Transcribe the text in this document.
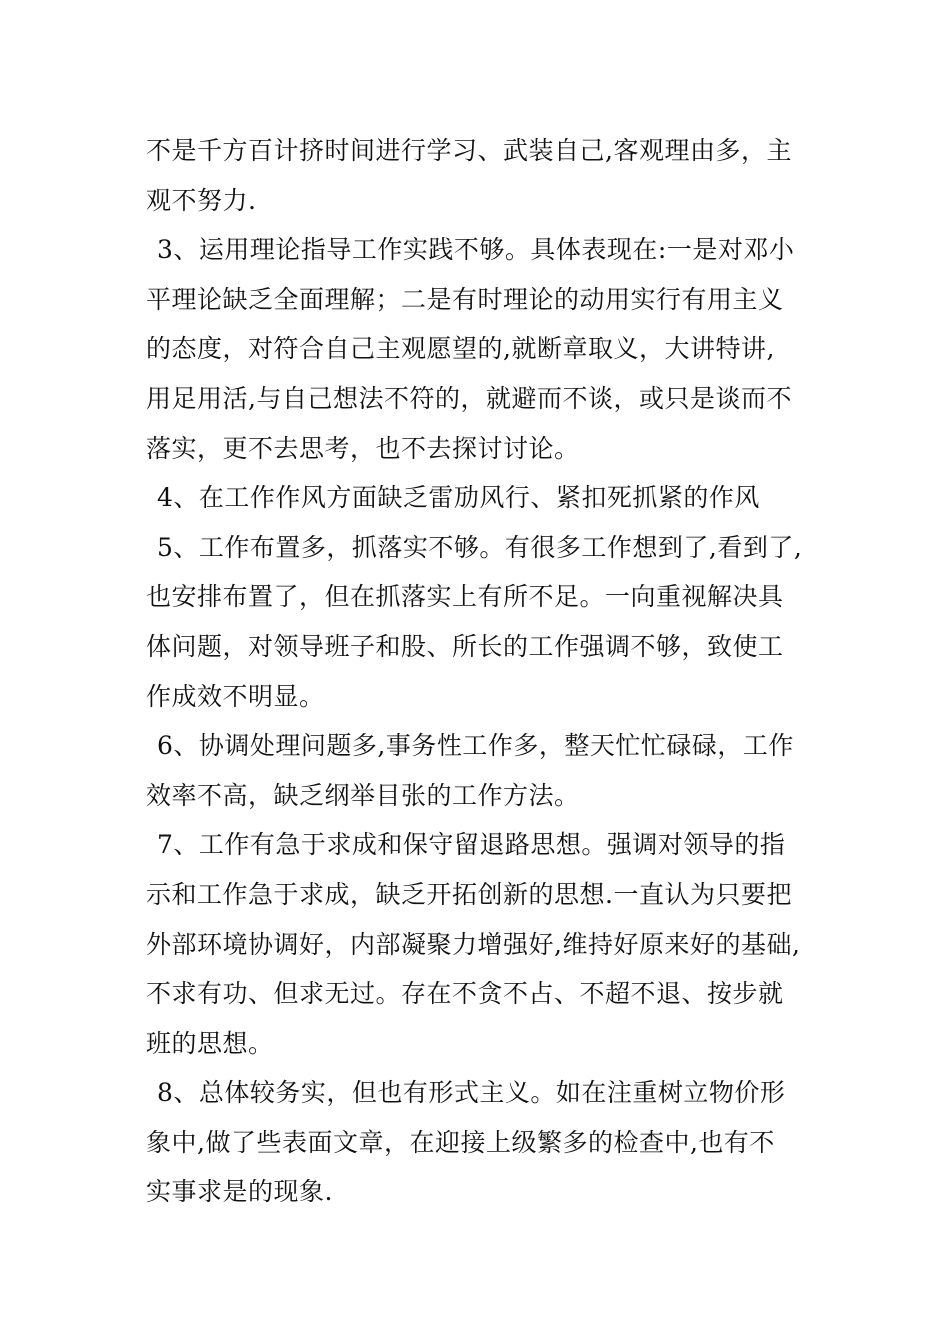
不是千方百计挤时间进行学习、武装自己,客观理由多，主
观不努力.

3、运用理论指导工作实践不够。具体表现在:一是对邓小
平理论缺乏全面理解；二是有时理论的动用实行有用主义
的态度，对符合自己主观愿望的,就断章取义，大讲特讲,
用足用活,与自己想法不符的，就避而不谈，或只是谈而不
落实，更不去思考，也不去探讨讨论。

4、在工作作风方面缺乏雷劢风行、紧扣死抓紧的作风

5、工作布置多，抓落实不够。有很多工作想到了,看到了,
也安排布置了，但在抓落实上有所不足。一向重视解决具
体问题，对领导班子和股、所长的工作强调不够，致使工
作成效不明显。

6、协调处理问题多,事务性工作多，整天忙忙碌碌，工作
效率不高，缺乏纲举目张的工作方法。

7、工作有急于求成和保守留退路思想。强调对领导的指
示和工作急于求成，缺乏开拓创新的思想.一直认为只要把
外部环境协调好，内部凝聚力增强好,维持好原来好的基础,
不求有功、但求无过。存在不贪不占、不超不退、按步就
班的思想。

8、总体较务实，但也有形式主义。如在注重树立物价形
象中,做了些表面文章，在迎接上级繁多的检查中,也有不
实事求是的现象.
